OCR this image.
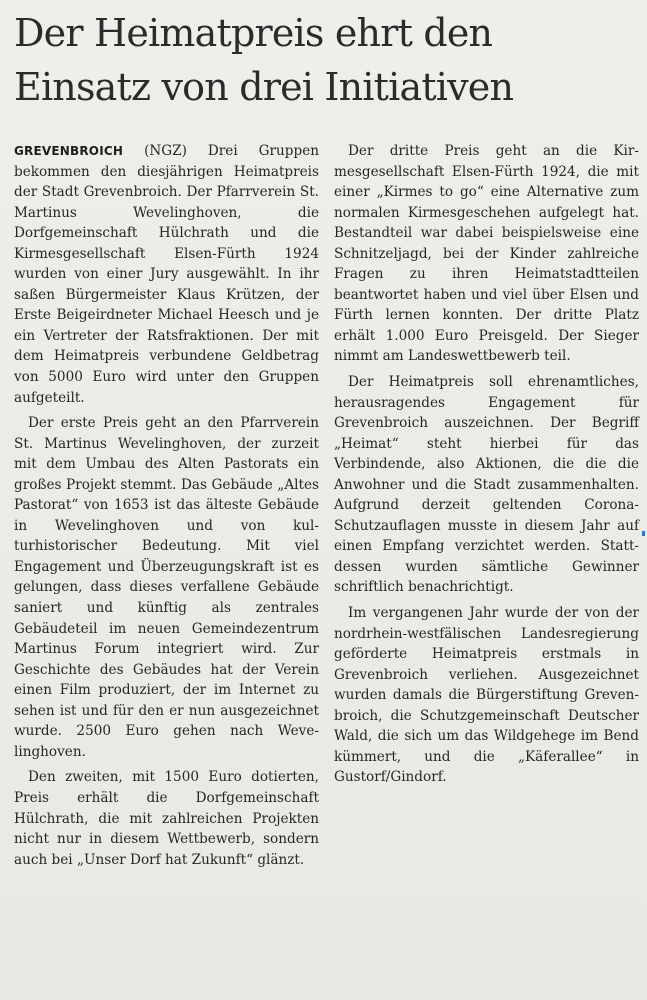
Der Heimatpreis ehrt den
Einsatz von drei Initiativen

GREVENBROICH (NGZ) Drei Gruppen bekommen den diesjährigen Heimatpreis der Stadt Grevenbroich. Der Pfarrverein St. Martinus Wevelinghoven, die Dorfgemeinschaft Hülchrath und die Kirmesgesellschaft Elsen-Fürth 1924 wurden von einer Jury ausgewählt. In ihr saßen Bürgermeister Klaus Krützen, der Erste Beigeirdneter Michael Heesch und je ein Vertreter der Ratsfraktionen. Der mit dem Heimatpreis verbundene Geldbetrag von 5000 Euro wird unter den Gruppen aufgeteilt.

Der erste Preis geht an den Pfarrverein St. Martinus Wevelinghoven, der zurzeit mit dem Umbau des Alten Pastorats ein großes Projekt stemmt. Das Gebäude „Altes Pastorat“ von 1653 ist das älteste Gebäude in Wevelinghoven und von kulturhistorischer Bedeutung. Mit viel Engagement und Überzeugungskraft ist es gelungen, dass dieses verfallene Gebäude saniert und künftig als zentrales Gebäudeteil im neuen Gemeindezentrum Martinus Forum integriert wird. Zur Geschichte des Gebäudes hat der Verein einen Film produziert, der im Internet zu sehen ist und für den er nun ausgezeichnet wurde. 2500 Euro gehen nach Wevelinghoven.

Den zweiten, mit 1500 Euro dotierten, Preis erhält die Dorfgemeinschaft Hülchrath, die mit zahlreichen Projekten nicht nur in diesem Wettbewerb, sondern auch bei „Unser Dorf hat Zukunft“ glänzt.

Der dritte Preis geht an die Kirmesgesellschaft Elsen-Fürth 1924, die mit einer „Kirmes to go“ eine Alternative zum normalen Kirmesgeschehen aufgelegt hat. Bestandteil war dabei beispielsweise eine Schnitzeljagd, bei der Kinder zahlreiche Fragen zu ihren Heimatstadtteilen beantwortet haben und viel über Elsen und Fürth lernen konnten. Der dritte Platz erhält 1.000 Euro Preisgeld. Der Sieger nimmt am Landeswettbewerb teil.

Der Heimatpreis soll ehrenamtliches, herausragendes Engagement für Grevenbroich auszeichnen. Der Begriff „Heimat“ steht hierbei für das Verbindende, also Aktionen, die die die Anwohner und die Stadt zusammenhalten. Aufgrund derzeit geltenden Corona-Schutzauflagen musste in diesem Jahr auf einen Empfang verzichtet werden. Stattdessen wurden sämtliche Gewinner schriftlich benachrichtigt.

Im vergangenen Jahr wurde der von der nordrhein-westfälischen Landesregierung geförderte Heimatpreis erstmals in Grevenbroich verliehen. Ausgezeichnet wurden damals die Bürgerstiftung Grevenbroich, die Schutzgemeinschaft Deutscher Wald, die sich um das Wildgehege im Bend kümmert, und die „Käferallee“ in Gustorf/Gindorf.
